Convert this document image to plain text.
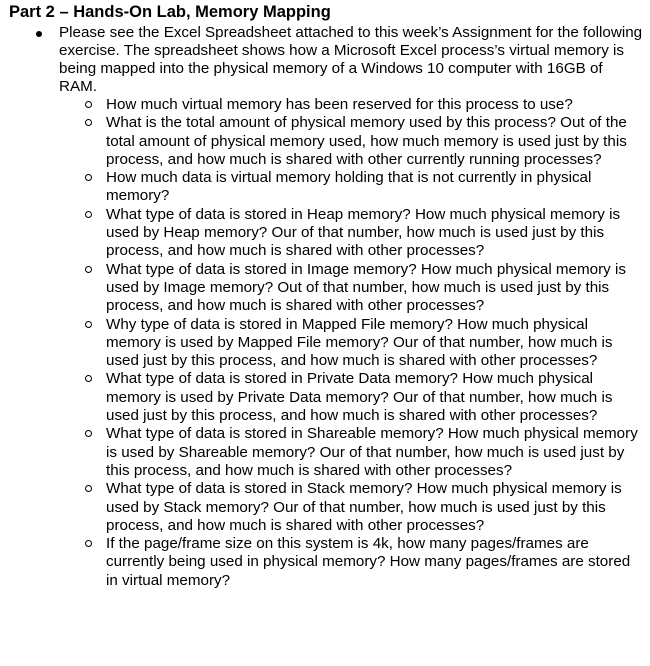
Part 2 – Hands-On Lab, Memory Mapping

Please see the Excel Spreadsheet attached to this week’s Assignment for the following exercise. The spreadsheet shows how a Microsoft Excel process’s virtual memory is being mapped into the physical memory of a Windows 10 computer with 16GB of RAM.

How much virtual memory has been reserved for this process to use?
What is the total amount of physical memory used by this process? Out of the total amount of physical memory used, how much memory is used just by this process, and how much is shared with other currently running processes?
How much data is virtual memory holding that is not currently in physical memory?
What type of data is stored in Heap memory? How much physical memory is used by Heap memory? Our of that number, how much is used just by this process, and how much is shared with other processes?
What type of data is stored in Image memory? How much physical memory is used by Image memory? Out of that number, how much is used just by this process, and how much is shared with other processes?
Why type of data is stored in Mapped File memory? How much physical memory is used by Mapped File memory? Our of that number, how much is used just by this process, and how much is shared with other processes?
What type of data is stored in Private Data memory? How much physical memory is used by Private Data memory? Our of that number, how much is used just by this process, and how much is shared with other processes?
What type of data is stored in Shareable memory? How much physical memory is used by Shareable memory? Our of that number, how much is used just by this process, and how much is shared with other processes?
What type of data is stored in Stack memory? How much physical memory is used by Stack memory? Our of that number, how much is used just by this process, and how much is shared with other processes?
If the page/frame size on this system is 4k, how many pages/frames are currently being used in physical memory? How many pages/frames are stored in virtual memory?
